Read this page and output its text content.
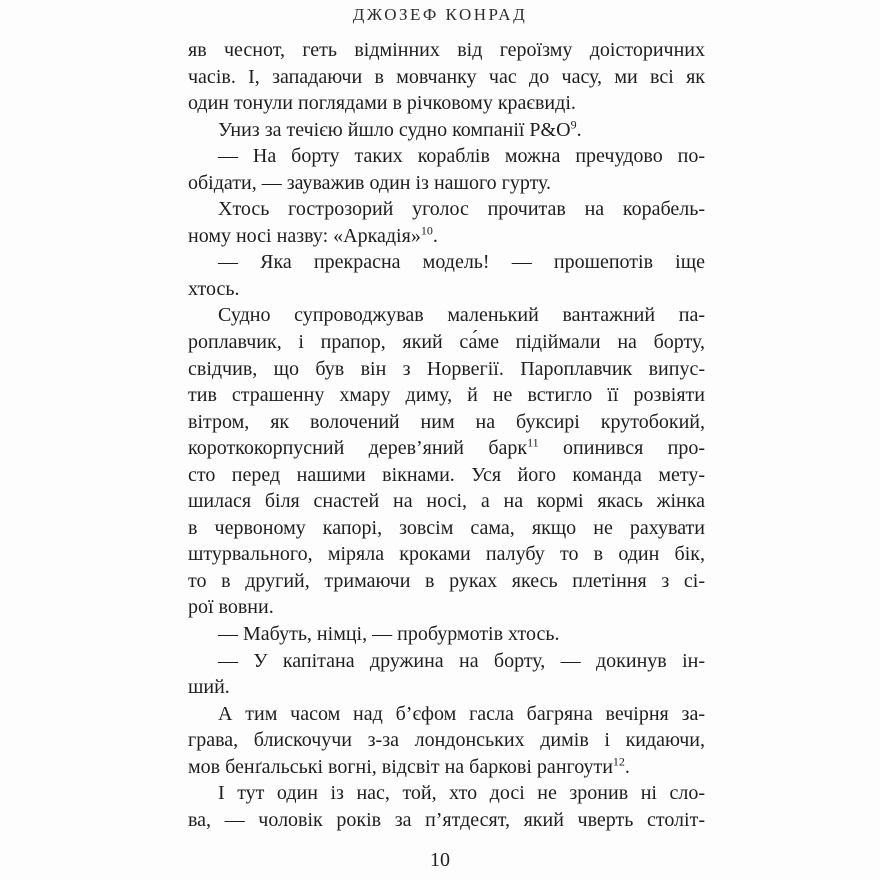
ДЖОЗЕФ КОНРАД
яв чеснот, геть відмінних від героїзму доісторичних
часів. І, западаючи в мовчанку час до часу, ми всі як
один тонули поглядами в річковому краєвиді.
Униз за течією йшло судно компанії $P\&O^9$.
— На борту таких кораблів можна пречудово по-
обідати, — зауважив один із нашого гурту.
Хтось гострозорий уголос прочитав на корабель-
ному носі назву: «Аркадія»$^{10}$.
— Яка прекрасна модель! — прошепотів іще
хтось.
Судно супроводжував маленький вантажний па-
роплавчик, і прапор, який са́ме підіймали на борту,
свідчив, що був він з Норвегії. Пароплавчик випус-
тив страшенну хмару диму, й не встигло її розвіяти
вітром, як волочений ним на буксирі крутобокий,
короткокорпусний дерев’яний барк$^{11}$ опинився про-
сто перед нашими вікнами. Уся його команда мету-
шилася біля снастей на носі, а на кормі якась жінка
в червоному капорі, зовсім сама, якщо не рахувати
штурвального, міряла кроками палубу то в один бік,
то в другий, тримаючи в руках якесь плетіння з сі-
рої вовни.
— Мабуть, німці, — пробурмотів хтось.
— У капітана дружина на борту, — докинув ін-
ший.
А тим часом над б’єфом гасла багряна вечірня за-
грава, блискочучи з-за лондонських димів і кидаючи,
мов бенґальські вогні, відсвіт на баркові рангоути$^{12}$.
І тут один із нас, той, хто досі не зронив ні сло-
ва, — чоловік років за п’ятдесят, який чверть століт-
10
